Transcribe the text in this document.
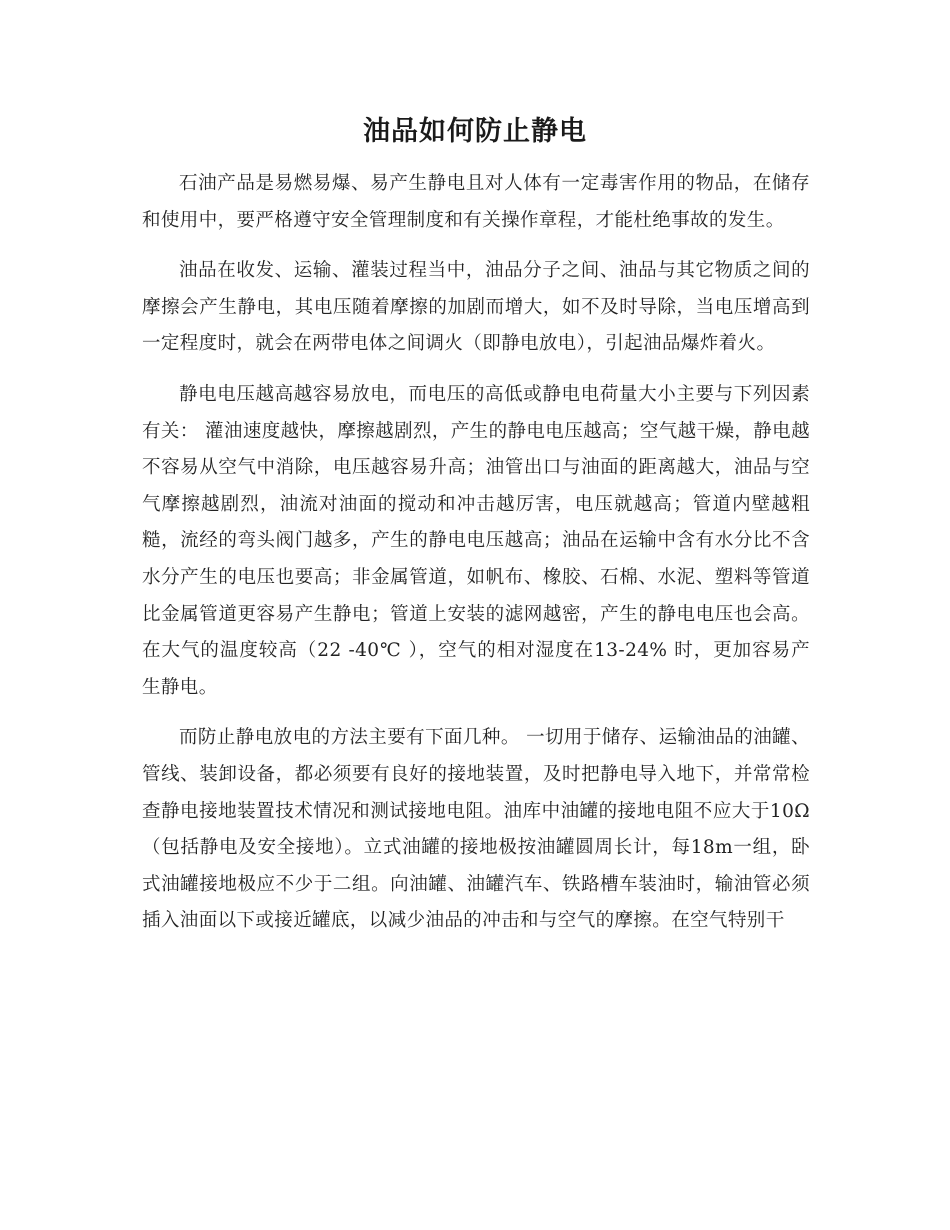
油品如何防止静电

石油产品是易燃易爆、易产生静电且对人体有一定毒害作用的物品，在储存和使用中，要严格遵守安全管理制度和有关操作章程，才能杜绝事故的发生。

油品在收发、运输、灌装过程当中，油品分子之间、油品与其它物质之间的摩擦会产生静电，其电压随着摩擦的加剧而增大，如不及时导除，当电压增高到一定程度时，就会在两带电体之间调火（即静电放电），引起油品爆炸着火。

静电电压越高越容易放电，而电压的高低或静电电荷量大小主要与下列因素有关： 灌油速度越快，摩擦越剧烈，产生的静电电压越高；空气越干燥，静电越不容易从空气中消除，电压越容易升高；油管出口与油面的距离越大，油品与空气摩擦越剧烈，油流对油面的搅动和冲击越厉害，电压就越高；管道内壁越粗糙，流经的弯头阀门越多，产生的静电电压越高；油品在运输中含有水分比不含水分产生的电压也要高；非金属管道，如帆布、橡胶、石棉、水泥、塑料等管道比金属管道更容易产生静电；管道上安装的滤网越密，产生的静电电压也会高。在大气的温度较高（22 -40℃ ），空气的相对湿度在13-24% 时，更加容易产生静电。

而防止静电放电的方法主要有下面几种。 一切用于储存、运输油品的油罐、管线、装卸设备，都必须要有良好的接地装置，及时把静电导入地下，并常常检查静电接地装置技术情况和测试接地电阻。油库中油罐的接地电阻不应大于10Ω（包括静电及安全接地）。立式油罐的接地极按油罐圆周长计，每18m一组，卧式油罐接地极应不少于二组。向油罐、油罐汽车、铁路槽车装油时，输油管必须插入油面以下或接近罐底，以减少油品的冲击和与空气的摩擦。在空气特别干
